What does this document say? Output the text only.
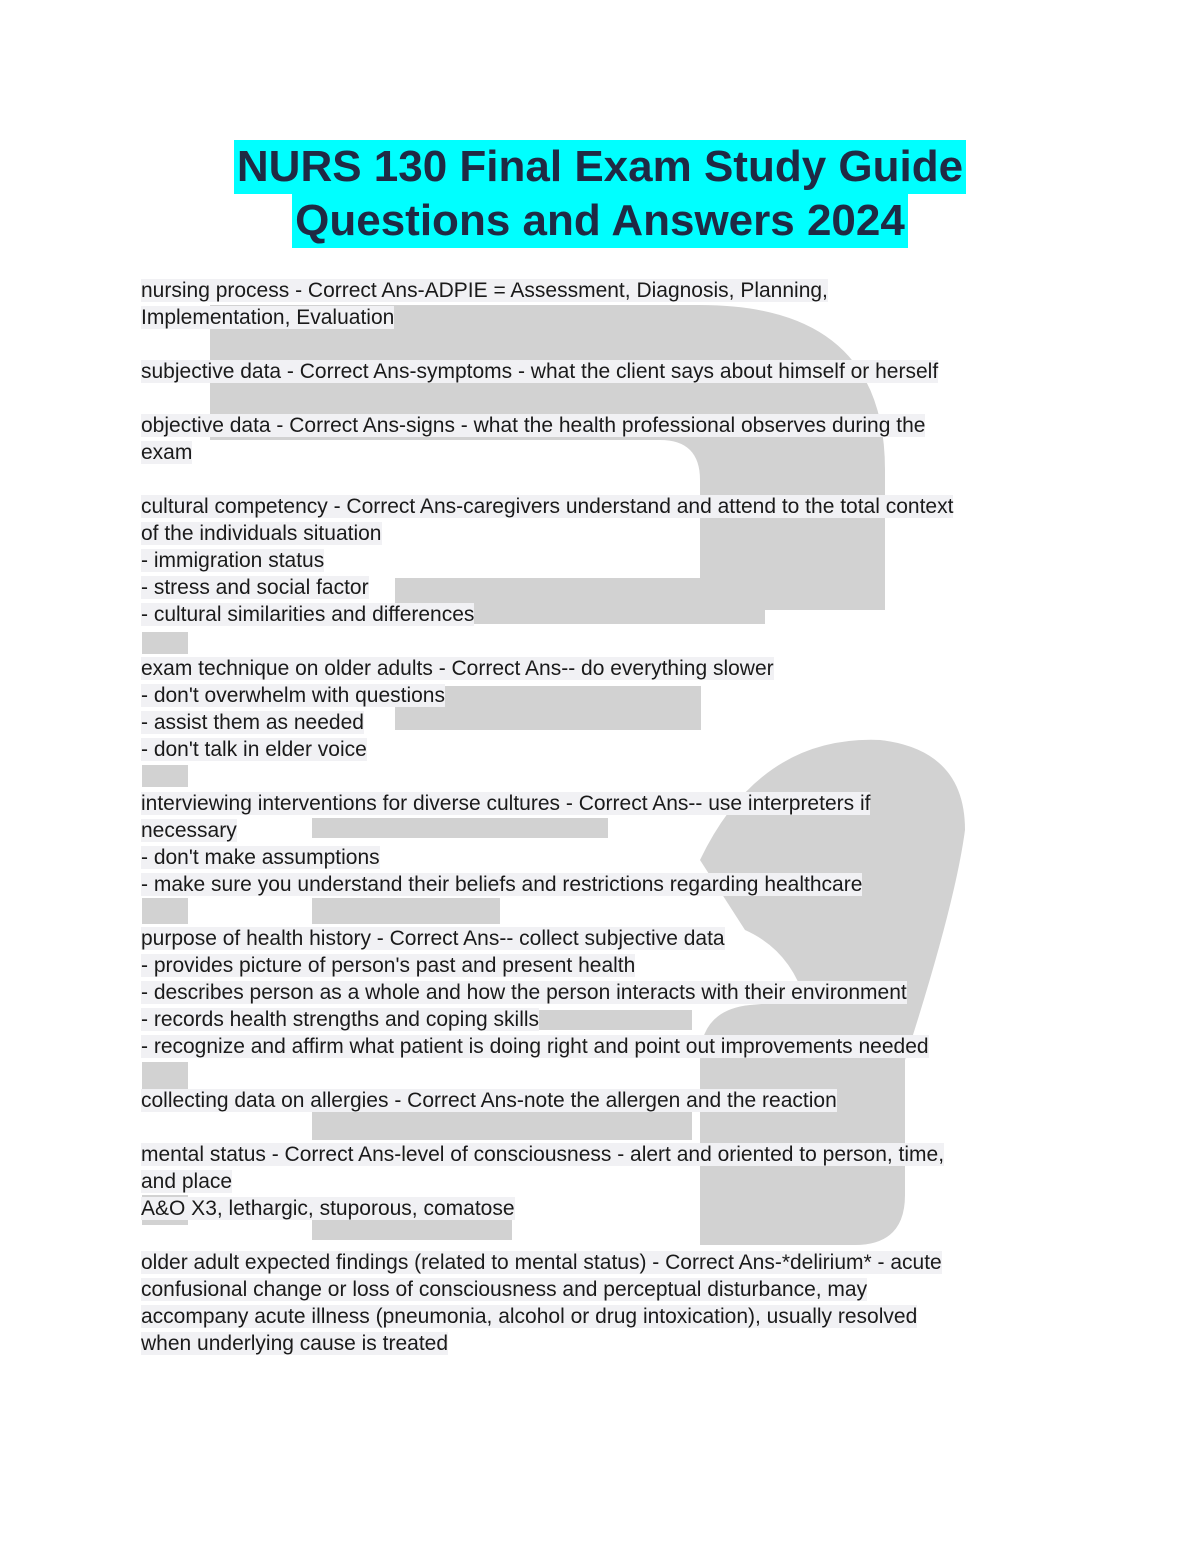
NURS 130 Final Exam Study Guide
Questions and Answers 2024
nursing process - Correct Ans-ADPIE = Assessment, Diagnosis, Planning,
Implementation, Evaluation
subjective data - Correct Ans-symptoms - what the client says about himself or herself
objective data - Correct Ans-signs - what the health professional observes during the
exam
cultural competency - Correct Ans-caregivers understand and attend to the total context
of the individuals situation
- immigration status
- stress and social factor
- cultural similarities and differences
exam technique on older adults - Correct Ans-- do everything slower
- don't overwhelm with questions
- assist them as needed
- don't talk in elder voice
interviewing interventions for diverse cultures - Correct Ans-- use interpreters if
necessary
- don't make assumptions
- make sure you understand their beliefs and restrictions regarding healthcare
purpose of health history - Correct Ans-- collect subjective data
- provides picture of person's past and present health
- describes person as a whole and how the person interacts with their environment
- records health strengths and coping skills
- recognize and affirm what patient is doing right and point out improvements needed
collecting data on allergies - Correct Ans-note the allergen and the reaction
mental status - Correct Ans-level of consciousness - alert and oriented to person, time,
and place
A&O X3, lethargic, stuporous, comatose
older adult expected findings (related to mental status) - Correct Ans-*delirium* - acute
confusional change or loss of consciousness and perceptual disturbance, may
accompany acute illness (pneumonia, alcohol or drug intoxication), usually resolved
when underlying cause is treated
